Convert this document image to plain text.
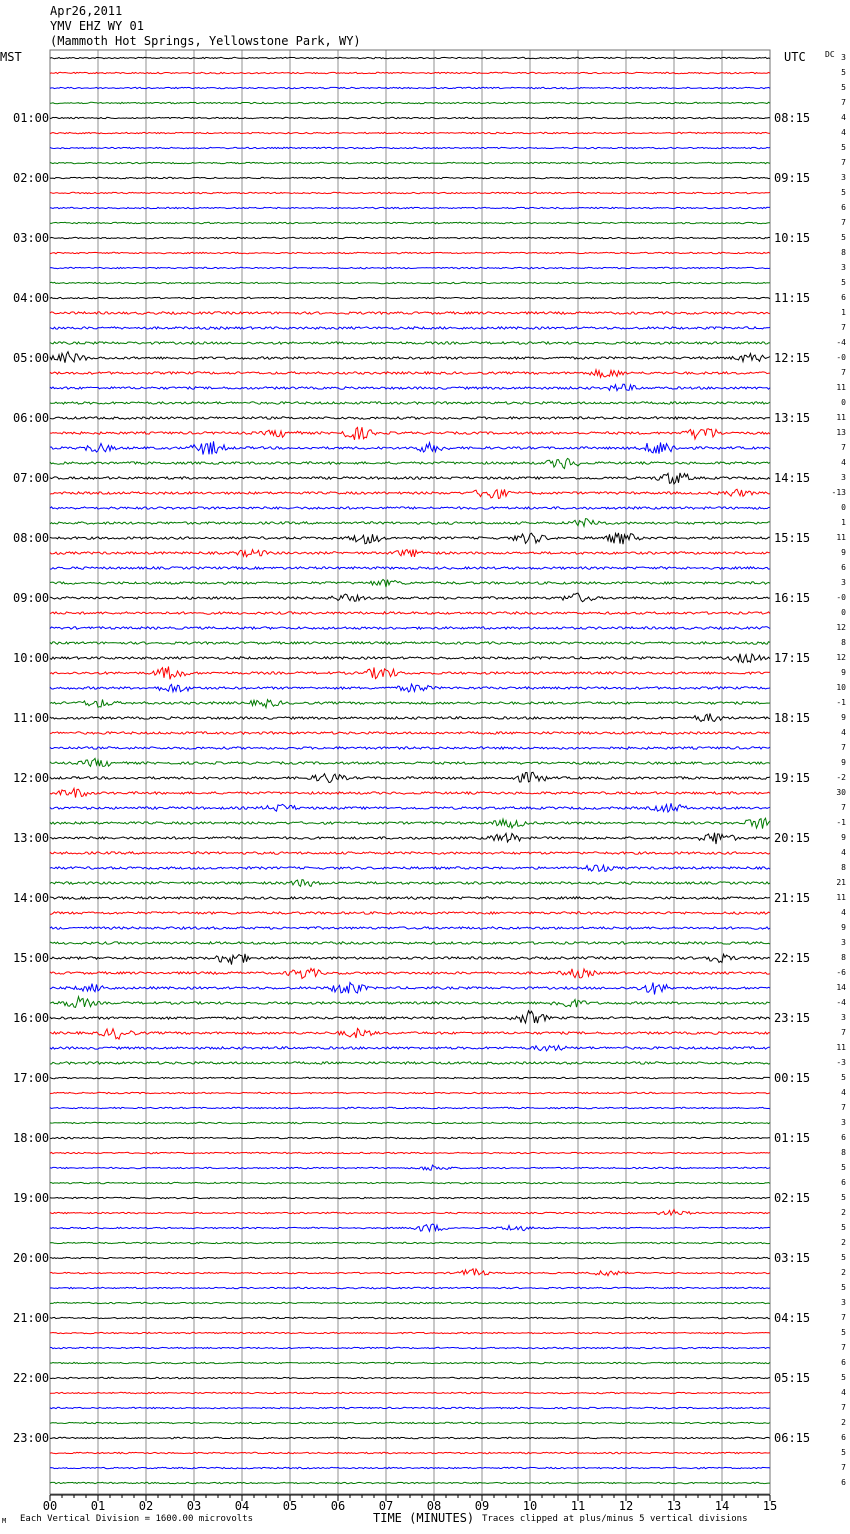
Apr26,2011
YMV EHZ WY 01
(Mammoth Hot Springs, Yellowstone Park, WY)
MST	UTC DC
01:00
02:00
03:00
04:00
05:00
06:00
07:00
08:00
09:00
10:00
11:00
12:00
13:00
14:00
15:00
16:00
17:00
18:00
19:00
20:00
21:00
22:00
23:00
08:15
09:15
10:15
11:15
12:15
13:15
14:15
15:15
16:15
17:15
18:15
19:15
20:15
21:15
22:15
23:15
00:15
01:15
02:15
03:15
04:15
05:15
06:15
3
5
5
7
4
4
5
7
3
5
6
7
5
8
3
5
6
1
7
-4
-0
7
11
0
11
13
7
4
3
-13
0
1
11
9
6
3
-0
0
12
8
12
9
10
-1
9
4
7
9
-2
30
7
-1
9
4
8
21
11
4
9
3
8
-6
14
-4
3
7
11
-3
5
4
7
3
6
8
5
6
5
2
5
2
5
2
5
3
7
5
7
6
5
4
7
2
6
5
7
6
00	01	02	03	04	05	06	07	08	09	10	11	12	13	14	15
M Each Vertical Division = 1600.00 microvolts	TIME (MINUTES) Traces clipped at plus/minus 5 vertical divisions
